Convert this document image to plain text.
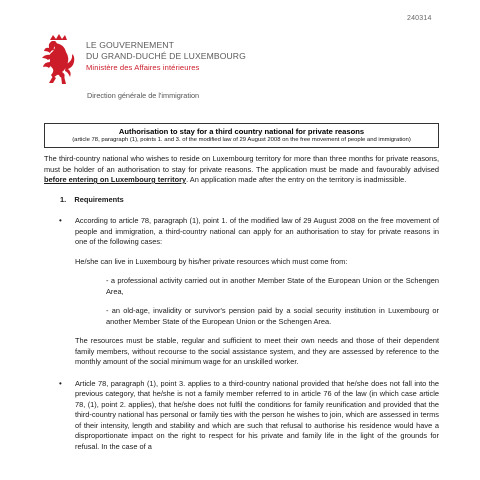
240314
LE GOUVERNEMENT
DU GRAND-DUCHÉ DE LUXEMBOURG
Ministère des Affaires intérieures
Direction générale de l'immigration
Authorisation to stay for a third country national for private reasons
(article 78, paragraph (1), points 1. and 3. of the modified law of 29 August 2008 on the free movement of people and immigration)

The third-country national who wishes to reside on Luxembourg territory for more than three months for private reasons, must be holder of an authorisation to stay for private reasons. The application must be made and favourably advised before entering on Luxembourg territory. An application made after the entry on the territory is inadmissible.

1. Requirements
• According to article 78, paragraph (1), point 1. of the modified law of 29 August 2008 on the free movement of people and immigration, a third-country national can apply for an authorisation to stay for private reasons in one of the following cases:

He/she can live in Luxembourg by his/her private resources which must come from:

- a professional activity carried out in another Member State of the European Union or the Schengen Area,

- an old-age, invalidity or survivor's pension paid by a social security institution in Luxembourg or another Member State of the European Union or the Schengen Area.

The resources must be stable, regular and sufficient to meet their own needs and those of their dependent family members, without recourse to the social assistance system, and they are assessed by reference to the monthly amount of the social minimum wage for an unskilled worker.

• Article 78, paragraph (1), point 3. applies to a third-country national provided that he/she does not fall into the previous category, that he/she is not a family member referred to in article 76 of the law (in which case article 78, (1), point 2. applies), that he/she does not fulfil the conditions for family reunification and provided that the third-country national has personal or family ties with the person he wishes to join, which are assessed in terms of their intensity, length and stability and which are such that refusal to authorise his residence would have a disproportionate impact on the right to respect for his private and family life in the light of the grounds for refusal. In the case of a
